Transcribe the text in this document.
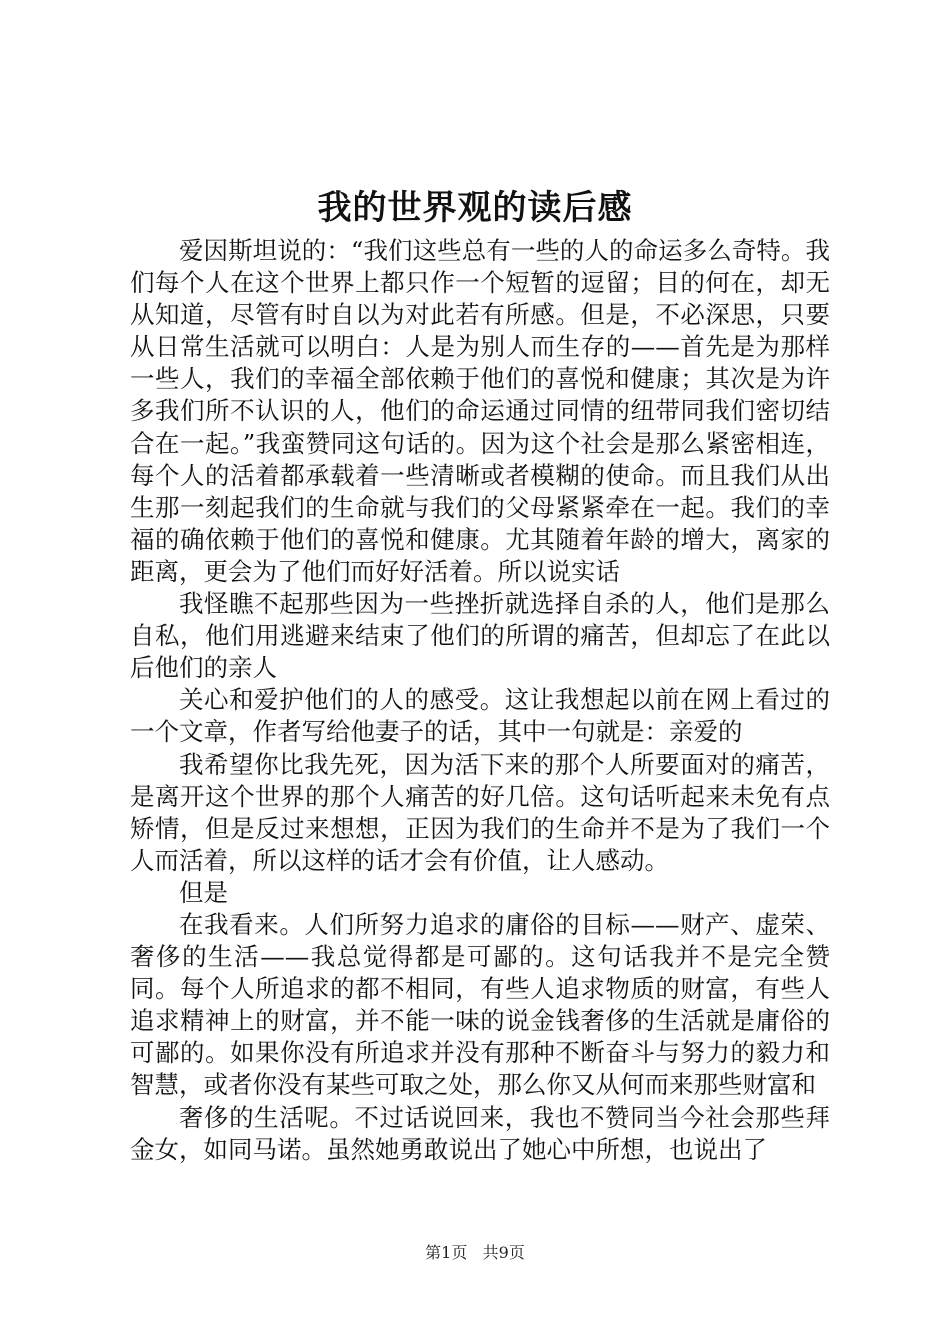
我的世界观的读后感

爱因斯坦说的：“我们这些总有一些的人的命运多么奇特。我们每个人在这个世界上都只作一个短暂的逗留；目的何在，却无从知道，尽管有时自以为对此若有所感。但是，不必深思，只要从日常生活就可以明白：人是为别人而生存的——首先是为那样一些人，我们的幸福全部依赖于他们的喜悦和健康；其次是为许多我们所不认识的人，他们的命运通过同情的纽带同我们密切结合在一起。”我蛮赞同这句话的。因为这个社会是那么紧密相连，每个人的活着都承载着一些清晰或者模糊的使命。而且我们从出生那一刻起我们的生命就与我们的父母紧紧牵在一起。我们的幸福的确依赖于他们的喜悦和健康。尤其随着年龄的增大，离家的距离，更会为了他们而好好活着。所以说实话

我怪瞧不起那些因为一些挫折就选择自杀的人，他们是那么自私，他们用逃避来结束了他们的所谓的痛苦，但却忘了在此以后他们的亲人

关心和爱护他们的人的感受。这让我想起以前在网上看过的一个文章，作者写给他妻子的话，其中一句就是：亲爱的

我希望你比我先死，因为活下来的那个人所要面对的痛苦，是离开这个世界的那个人痛苦的好几倍。这句话听起来未免有点矫情，但是反过来想想，正因为我们的生命并不是为了我们一个人而活着，所以这样的话才会有价值，让人感动。

但是

在我看来。人们所努力追求的庸俗的目标——财产、虚荣、奢侈的生活——我总觉得都是可鄙的。这句话我并不是完全赞同。每个人所追求的都不相同，有些人追求物质的财富，有些人追求精神上的财富，并不能一味的说金钱奢侈的生活就是庸俗的可鄙的。如果你没有所追求并没有那种不断奋斗与努力的毅力和智慧，或者你没有某些可取之处，那么你又从何而来那些财富和

奢侈的生活呢。不过话说回来，我也不赞同当今社会那些拜金女，如同马诺。虽然她勇敢说出了她心中所想，也说出了

第1页 共9页
